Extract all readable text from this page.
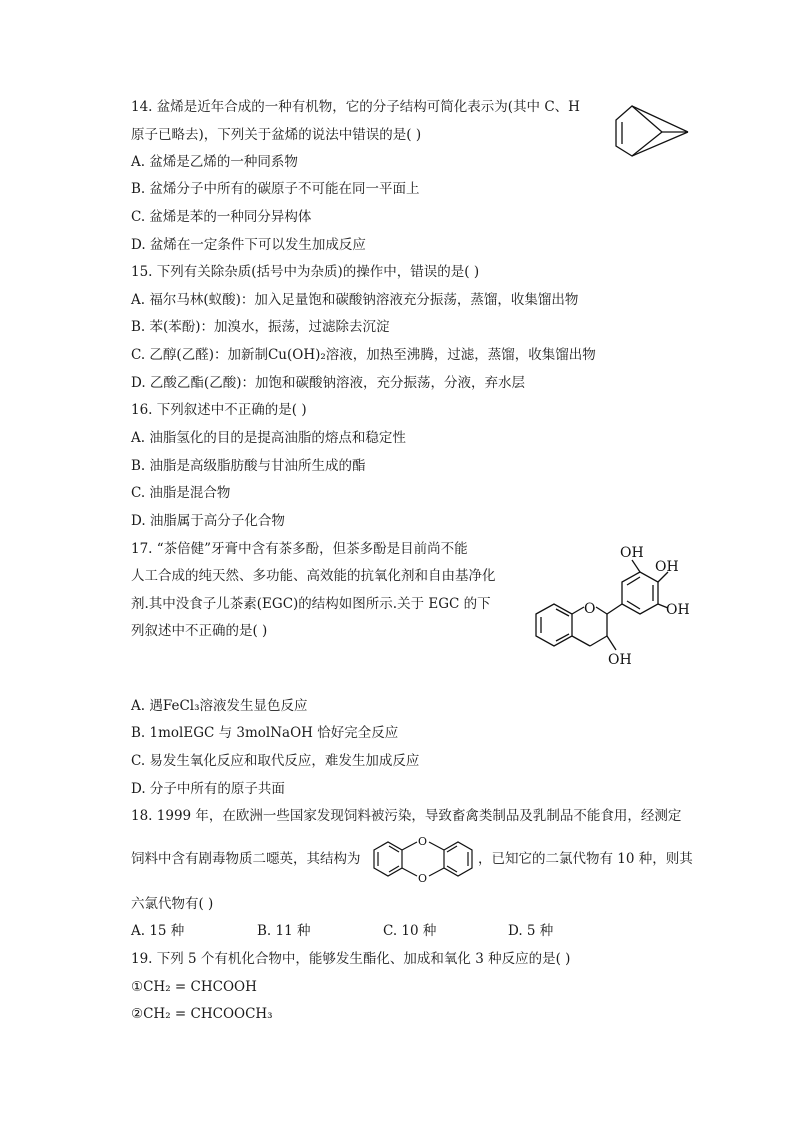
14. 盆烯是近年合成的一种有机物，它的分子结构可简化表示为(其中 C、H
原子已略去)，下列关于盆烯的说法中错误的是( )
A. 盆烯是乙烯的一种同系物
B. 盆烯分子中所有的碳原子不可能在同一平面上
C. 盆烯是苯的一种同分异构体
D. 盆烯在一定条件下可以发生加成反应
15. 下列有关除杂质(括号中为杂质)的操作中，错误的是( )
A. 福尔马林(蚁酸)：加入足量饱和碳酸钠溶液充分振荡，蒸馏，收集馏出物
B. 苯(苯酚)：加溴水，振荡，过滤除去沉淀
C. 乙醇(乙醛)：加新制Cu(OH)₂溶液，加热至沸腾，过滤，蒸馏，收集馏出物
D. 乙酸乙酯(乙酸)：加饱和碳酸钠溶液，充分振荡，分液，弃水层
16. 下列叙述中不正确的是( )
A. 油脂氢化的目的是提高油脂的熔点和稳定性
B. 油脂是高级脂肪酸与甘油所生成的酯
C. 油脂是混合物
D. 油脂属于高分子化合物
17. “茶倍健”牙膏中含有茶多酚，但茶多酚是目前尚不能
人工合成的纯天然、多功能、高效能的抗氧化剂和自由基净化
剂.其中没食子儿茶素(EGC)的结构如图所示.关于 EGC 的下
列叙述中不正确的是( )
O
OH
OH
OH
OH
A. 遇FeCl₃溶液发生显色反应
B. 1molEGC 与 3molNaOH 恰好完全反应
C. 易发生氧化反应和取代反应，难发生加成反应
D. 分子中所有的原子共面
18. 1999 年，在欧洲一些国家发现饲料被污染，导致畜禽类制品及乳制品不能食用，经测定
饲料中含有剧毒物质二噁英，其结构为
O
O
，已知它的二氯代物有 10 种，则其
六氯代物有( )
A. 15 种	B. 11 种	C. 10 种	D. 5 种
19. 下列 5 个有机化合物中，能够发生酯化、加成和氧化 3 种反应的是( )
①CH₂ = CHCOOH
②CH₂ = CHCOOCH₃
